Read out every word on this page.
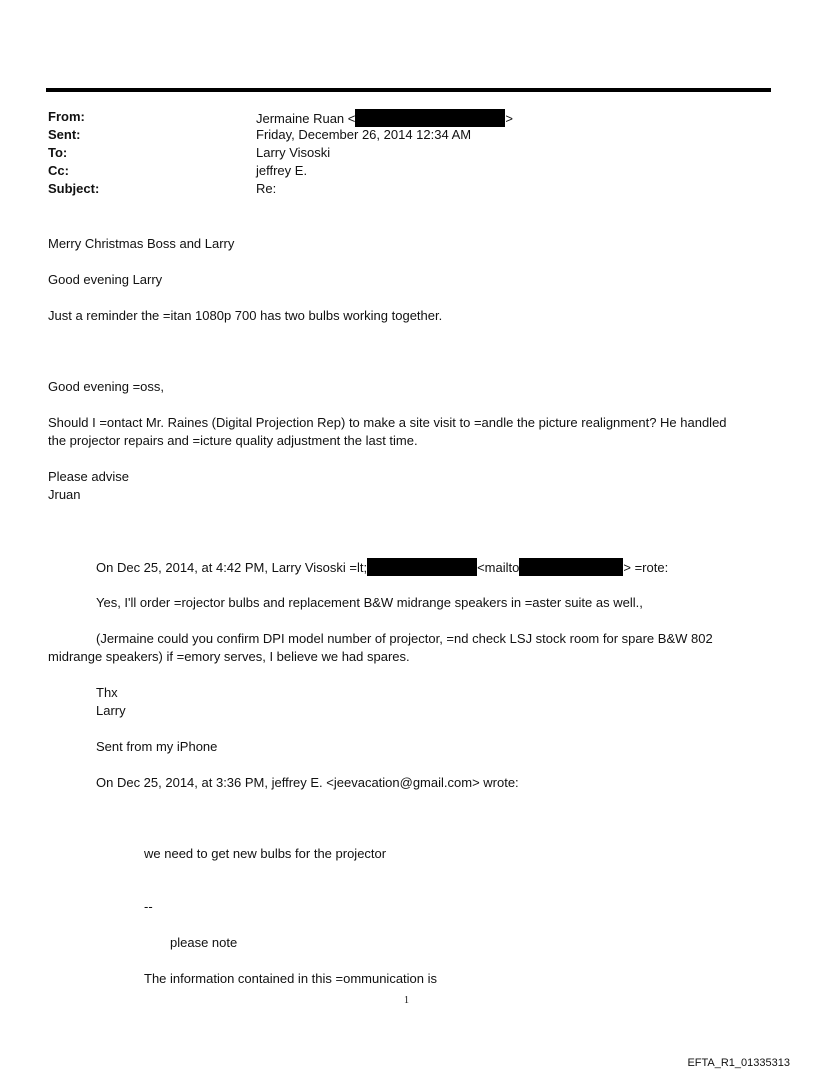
From:	Jermaine Ruan <	>
Sent:	Friday, December 26, 2014 12:34 AM
To:	Larry Visoski
Cc:	jeffrey E.
Subject:	Re:
Merry Christmas Boss and Larry
Good evening Larry
Just a reminder the =itan 1080p 700 has two bulbs working together.
Good evening =oss,
Should I =ontact Mr. Raines (Digital Projection Rep) to make a site visit to =andle the picture realignment? He handled
the projector repairs and =icture quality adjustment the last time.
Please advise
Jruan
On Dec 25, 2014, at 4:42 PM, Larry Visoski =lt;	<mailto	> =rote:
Yes, I'll order =rojector bulbs and replacement B&W midrange speakers in =aster suite as well.,
(Jermaine could you confirm DPI model number of projector, =nd check LSJ stock room for spare B&W 802
midrange speakers) if =emory serves, I believe we had spares.
Thx
Larry
Sent from my iPhone
On Dec 25, 2014, at 3:36 PM, jeffrey E. <jeevacation@gmail.com> wrote:
we need to get new bulbs for the projector
--
please note
The information contained in this =ommunication is
1
EFTA_R1_01335313
